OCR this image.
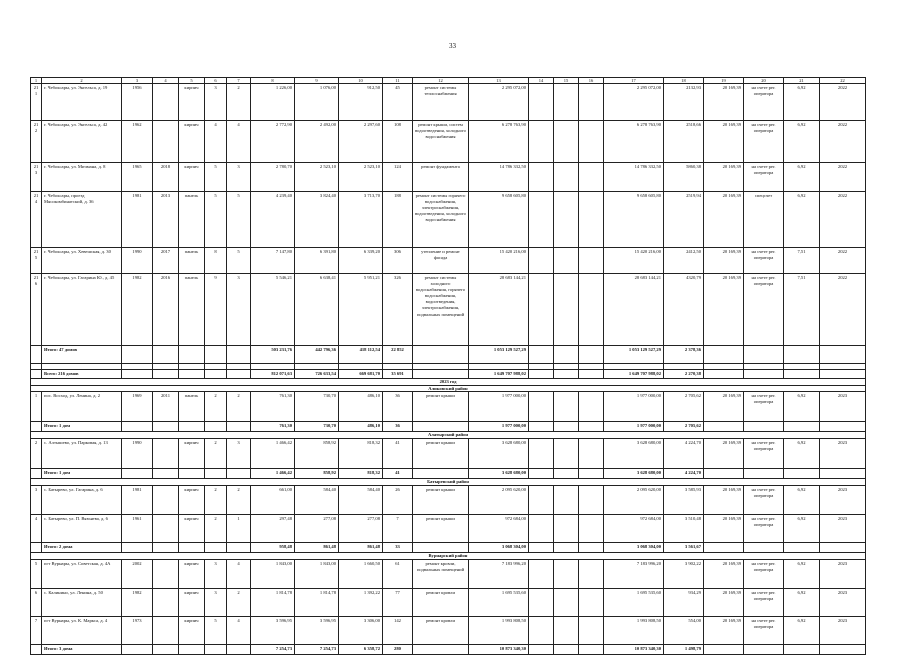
33
1	2	3	4	5	6	7	8	9	10	11	12	13	14	15	16	17	18	19	20	21	22
211	г. Чебоксары, ул. Энгельса, д. 19	1956		кирпич	3	2	1 226,00	1 076,00	912,50	45	ремонт системы теплоснабжения	2 295 072,00				2 295 072,00	2132,93	20 169,39	на счете рег. оператора	6,92	2022
212	г. Чебоксары, ул. Энгельса, д. 42	1962		кирпич	4	4	2 772,90	2 492,00	2 297,60	108	ремонт крыши, систем водоотведения, холодного водоснабжения	6 278 763,90				6 278 763,90	2518,66	20 169,39	на счете рег. оператора	6,92	2022
213	г. Чебоксары, ул. Мичмана, д. 8	1965	2018	кирпич	5	3	2 780,70	2 523,10	2 523,10	124	ремонт фундамента	14 786 332,50				14 786 332,50	5860,38	20 169,39	на счете рег. оператора	6,92	2022
214	г. Чебоксары, проезд Мясокомбинатский, д. 36	1981	2013	панель	5	5	4 239,40	3 824,40	3 713,70	188	ремонт системы горячего водоснабжения, электроснабжения, водоотведения, холодного водоснабжения	9 658 605,80				9 658 605,80	2519,94	20 169,39	спецсчет	6,92	2022
215	г. Чебоксары, ул. Хевешская, д. 30	1990	2017	панель	8	5	7 147,80	6 391,80	6 339,20	306	утепление и ремонт фасада	15 420 216,00				15 420 216,00	2412,50	20 169,39	на счете рег. оператора	7,51	2022
216	г. Чебоксары, ул. Гагарина Ю., д. 45	1982	2016	панель	9	3	5 546,21	6 638,41	5 951,21	326	ремонт системы холодного водоснабжения, горячего водоснабжения, водоотведения, электроснабжения, подвальных помещений	28 683 144,21				28 683 144,21	4320,79	20 169,39	на счете рег. оператора	7,51	2022
	Итого: 47 домов						503 231,76	442 796,36	418 112,54	22 852		1 053 129 527,29				1 053 129 527,29	2 378,36				

	Всего: 216 домов						812 071,63	726 633,54	669 681,70	35 691		1 649 707 988,02				1 649 707 988,02	2 270,38				
2023 год																					
Аликовский район																					
1	пос. Восход, ул. Ленина, д. 2	1969	2011	панель	2	2	761,30	730,70	486,10	36	ремонт крыши	1 977 000,00				1 977 000,00	2 705,62	20 169,39	на счете рег. оператора	6,92	2023
	Итого: 1 дом						761,30	730,70	486,10	36		1 977 000,00				1 977 000,00	2 705,62				
Алатырский район																					
2	с. Алтышево, ул. Парковая, д. 13	1990		кирпич	2	3	1 466,42	858,92	818,32	41	ремонт крыши	3 628 680,00				3 628 680,00	4 224,70	20 169,39	на счете рег. оператора	6,92	2023
	Итого: 1 дом						1 466,42	858,92	818,32	41		3 628 680,00				3 628 680,00	4 224,70				
Батыревский район																					
3	с. Батырево, ул. Гагарина, д. 6	1981		кирпич	2	2	661,00	584,40	584,40	26	ремонт крыши	2 095 620,00				2 095 620,00	3 585,93	20 169,39	на счете рег. оператора	6,92	2023
4	с. Батырево, ул. П. Вязьяева, д. 6	1961		кирпич	2	1	297,48	277,08	277,08	7	ремонт крыши	972 684,00				972 684,00	3 510,48	20 169,39	на счете рег. оператора	6,92	2023
	Итого: 2 дома						958,48	861,48	861,48	33		3 068 304,00				3 068 304,00	3 561,67				
Вурнарский район																					
5	пгт Вурнары, ул. Советская, д. 4А	2002		кирпич	3	4	1 843,00	1 843,00	1 660,50	61	ремонт кровли, подвальных помещений	7 183 996,20				7 183 996,20	3 902,22	20 169,39	на счете рег. оператора	6,92	2023
6	с. Калинино, ул. Ленина, д. 50	1982		кирпич	3	2	1 814,78	1 814,78	1 392,22	77	ремонт кровли	1 695 535,60				1 695 535,60	934,29	20 169,39	на счете рег. оператора	6,92	2023
7	пгт Вурнары, ул. К. Маркса, д. 4	1973		кирпич	5	4	3 596,95	3 596,95	3 306,00	142	ремонт кровли	1 993 808,50				1 993 808,50	554,00	20 169,39	на счете рег. оператора	6,92	2023
	Итого: 3 дома						7 254,73	7 254,73	6 358,72	280		10 873 340,30				10 873 340,30	1 498,79				
